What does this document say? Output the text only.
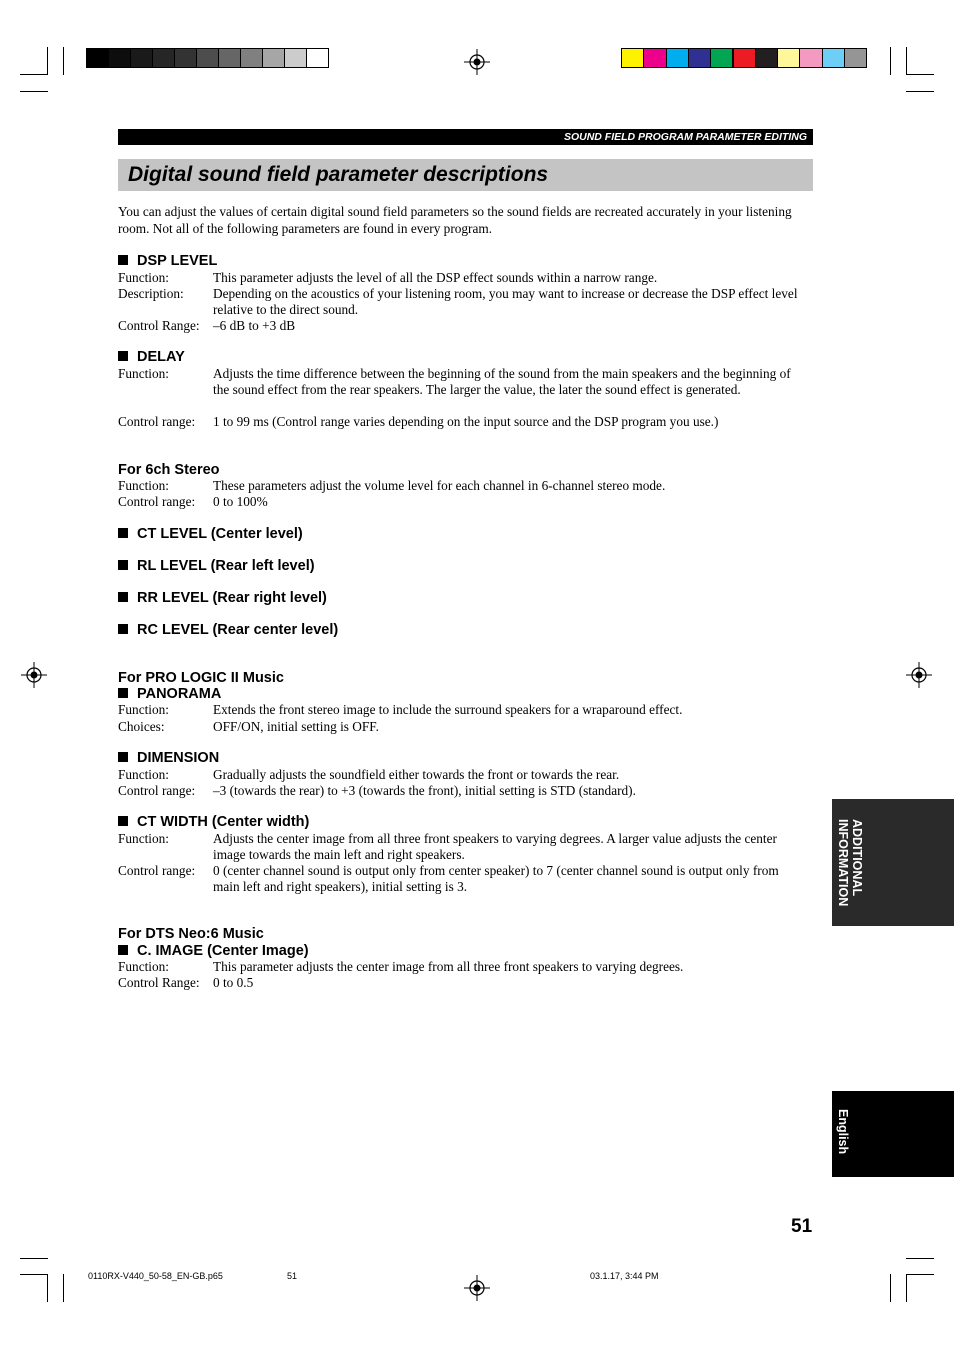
SOUND FIELD PROGRAM PARAMETER EDITING
Digital sound field parameter descriptions
You can adjust the values of certain digital sound field parameters so the sound fields are recreated accurately in your listening room. Not all of the following parameters are found in every program.
DSP LEVEL
Function:	This parameter adjusts the level of all the DSP effect sounds within a narrow range.
Description: Depending on the acoustics of your listening room, you may want to increase or decrease the DSP effect level relative to the direct sound.
Control Range: –6 dB to +3 dB
DELAY
Function:	Adjusts the time difference between the beginning of the sound from the main speakers and the beginning of the sound effect from the rear speakers. The larger the value, the later the sound effect is generated.
Control range: 1 to 99 ms (Control range varies depending on the input source and the DSP program you use.)
For 6ch Stereo
Function:	These parameters adjust the volume level for each channel in 6-channel stereo mode.
Control range: 0 to 100%
CT LEVEL (Center level)
RL LEVEL (Rear left level)
RR LEVEL (Rear right level)
RC LEVEL (Rear center level)
For PRO LOGIC II Music
PANORAMA
Function:	Extends the front stereo image to include the surround speakers for a wraparound effect.
Choices:	OFF/ON, initial setting is OFF.
DIMENSION
Function:	Gradually adjusts the soundfield either towards the front or towards the rear.
Control range: –3 (towards the rear) to +3 (towards the front), initial setting is STD (standard).
CT WIDTH (Center width)
Function:	Adjusts the center image from all three front speakers to varying degrees. A larger value adjusts the center image towards the main left and right speakers.
Control range: 0 (center channel sound is output only from center speaker) to 7 (center channel sound is output only from main left and right speakers), initial setting is 3.
For DTS Neo:6 Music
C. IMAGE (Center Image)
Function:	This parameter adjusts the center image from all three front speakers to varying degrees.
Control Range: 0 to 0.5
ADDITIONAL INFORMATION
English
51
0110RX-V440_50-58_EN-GB.p65	51	03.1.17, 3:44 PM
